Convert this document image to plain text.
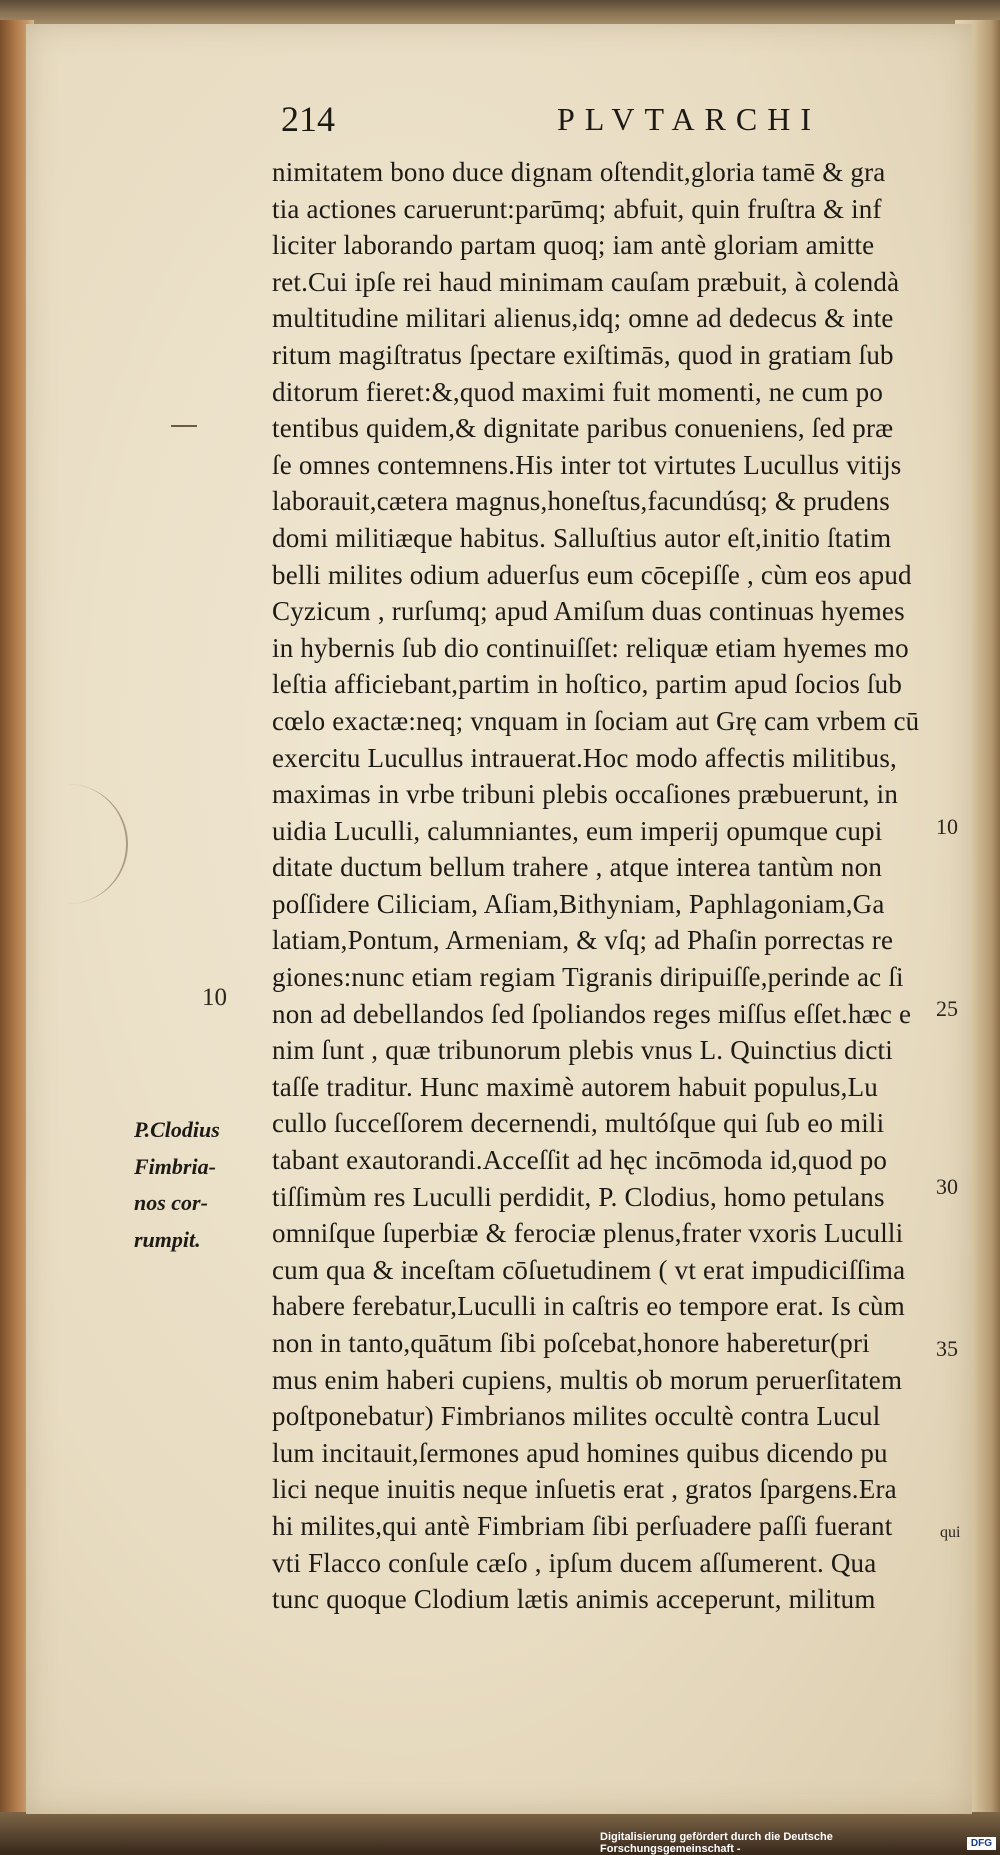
214	PLVTARCHI
nimitatem bono duce dignam oſtendit,gloria tamē & gra
tia actiones caruerunt:parūmq; abfuit, quin fruſtra & inf
liciter laborando partam quoq; iam antè gloriam amitte
ret.Cui ipſe rei haud minimam cauſam præbuit, à colendà
multitudine militari alienus,idq; omne ad dedecus & inte
ritum magiſtratus ſpectare exiſtimās, quod in gratiam ſub
ditorum fieret:&,quod maximi fuit momenti, ne cum po
tentibus quidem,& dignitate paribus conueniens, ſed præ
ſe omnes contemnens.His inter tot virtutes Lucullus vitijs
laborauit,cætera magnus,honeſtus,facundúsq; & prudens
domi militiæque habitus. Salluſtius autor eſt,initio ſtatim
belli milites odium aduerſus eum cōcepiſſe , cùm eos apud
Cyzicum , rurſumq; apud Amiſum duas continuas hyemes
in hybernis ſub dio continuiſſet: reliquæ etiam hyemes mo
leſtia afficiebant,partim in hoſtico, partim apud ſocios ſub
cœlo exactæ:neq; vnquam in ſociam aut Grę cam vrbem cū
exercitu Lucullus intrauerat.Hoc modo affectis militibus,
maximas in vrbe tribuni plebis occaſiones præbuerunt, in
uidia Luculli, calumniantes, eum imperij opumque cupi
ditate ductum bellum trahere , atque interea tantùm non
poſſidere Ciliciam, Aſiam,Bithyniam, Paphlagoniam,Ga
latiam,Pontum, Armeniam, & vſq; ad Phaſin porrectas re
giones:nunc etiam regiam Tigranis diripuiſſe,perinde ac ſi
non ad debellandos ſed ſpoliandos reges miſſus eſſet.hæc e
nim ſunt , quæ tribunorum plebis vnus L. Quinctius dicti
taſſe traditur. Hunc maximè autorem habuit populus,Lu
cullo ſucceſſorem decernendi, multóſque qui ſub eo mili
tabant exautorandi.Acceſſit ad hęc incōmoda id,quod po
tiſſimùm res Luculli perdidit, P. Clodius, homo petulans
omniſque ſuperbiæ & ferociæ plenus,frater vxoris Luculli
cum qua & inceſtam cōſuetudinem ( vt erat impudiciſſima
habere ferebatur,Luculli in caſtris eo tempore erat. Is cùm
non in tanto,quātum ſibi poſcebat,honore haberetur(pri
mus enim haberi cupiens, multis ob morum peruerſitatem
poſtponebatur) Fimbrianos milites occultè contra Lucul
lum incitauit,ſermones apud homines quibus dicendo pu
lici neque inuitis neque inſuetis erat , gratos ſpargens.Era
hi milites,qui antè Fimbriam ſibi perſuadere paſſi fuerant
vti Flacco conſule cæſo , ipſum ducem aſſumerent. Qua
tunc quoque Clodium lætis animis acceperunt, militum
P.Clodius
Fimbria-
nos cor-
rumpit.
10
10
25
30
35
qui
Digitalisierung gefördert durch die Deutsche Forschungsgemeinschaft -	DFG
